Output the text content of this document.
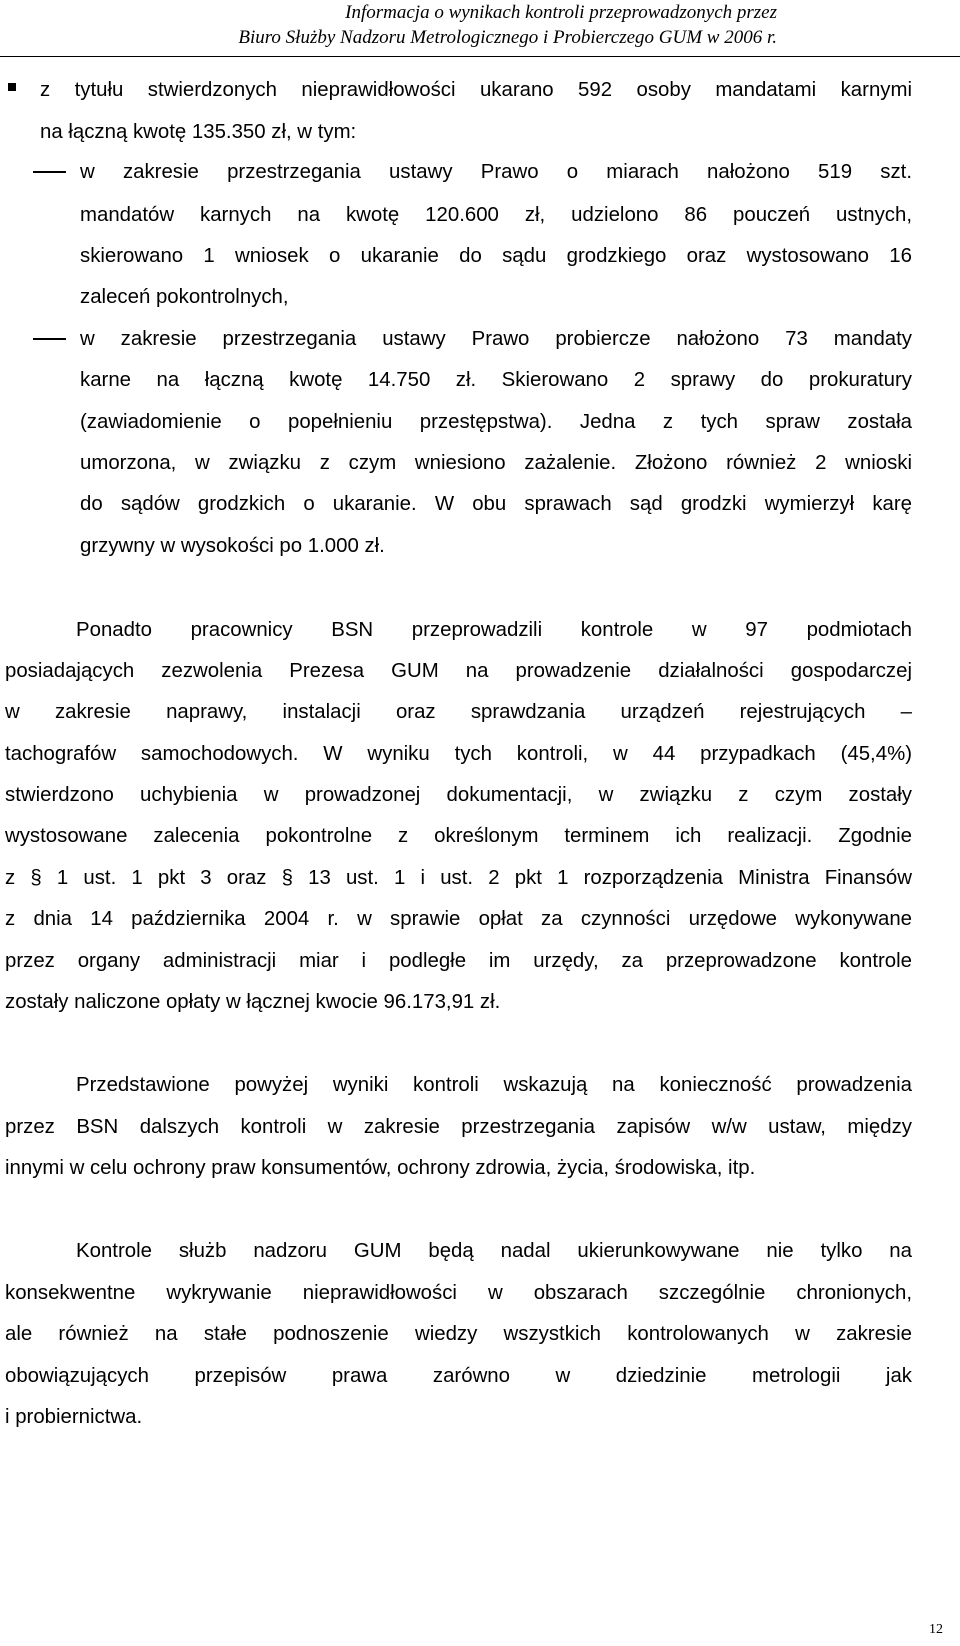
Informacja o wynikach kontroli przeprowadzonych przez
Biuro Służby Nadzoru Metrologicznego i Probierczego GUM w 2006 r.
z tytułu stwierdzonych nieprawidłowości ukarano 592 osoby mandatami karnymi
na łączną kwotę 135.350 zł, w tym:
w zakresie przestrzegania ustawy Prawo o miarach nałożono 519 szt.
mandatów karnych na kwotę 120.600 zł, udzielono 86 pouczeń ustnych,
skierowano 1 wniosek o ukaranie do sądu grodzkiego oraz wystosowano 16
zaleceń pokontrolnych,
w zakresie przestrzegania ustawy Prawo probiercze nałożono 73 mandaty
karne na łączną kwotę 14.750 zł. Skierowano 2 sprawy do prokuratury
(zawiadomienie o popełnieniu przestępstwa). Jedna z tych spraw została
umorzona, w związku z czym wniesiono zażalenie. Złożono również 2 wnioski
do sądów grodzkich o ukaranie. W obu sprawach sąd grodzki wymierzył karę
grzywny w wysokości po 1.000 zł.
Ponadto pracownicy BSN przeprowadzili kontrole w 97 podmiotach
posiadających zezwolenia Prezesa GUM na prowadzenie działalności gospodarczej
w zakresie naprawy, instalacji oraz sprawdzania urządzeń rejestrujących –
tachografów samochodowych. W wyniku tych kontroli, w 44 przypadkach (45,4%)
stwierdzono uchybienia w prowadzonej dokumentacji, w związku z czym zostały
wystosowane zalecenia pokontrolne z określonym terminem ich realizacji. Zgodnie
z § 1 ust. 1 pkt 3 oraz § 13 ust. 1 i ust. 2 pkt 1 rozporządzenia Ministra Finansów
z dnia 14 października 2004 r. w sprawie opłat za czynności urzędowe wykonywane
przez organy administracji miar i podległe im urzędy, za przeprowadzone kontrole
zostały naliczone opłaty w łącznej kwocie 96.173,91 zł.
Przedstawione powyżej wyniki kontroli wskazują na konieczność prowadzenia
przez BSN dalszych kontroli w zakresie przestrzegania zapisów w/w ustaw, między
innymi w celu ochrony praw konsumentów, ochrony zdrowia, życia, środowiska, itp.
Kontrole służb nadzoru GUM będą nadal ukierunkowywane nie tylko na
konsekwentne wykrywanie nieprawidłowości w obszarach szczególnie chronionych,
ale również na stałe podnoszenie wiedzy wszystkich kontrolowanych w zakresie
obowiązujących przepisów prawa zarówno w dziedzinie metrologii jak
i probiernictwa.
12
